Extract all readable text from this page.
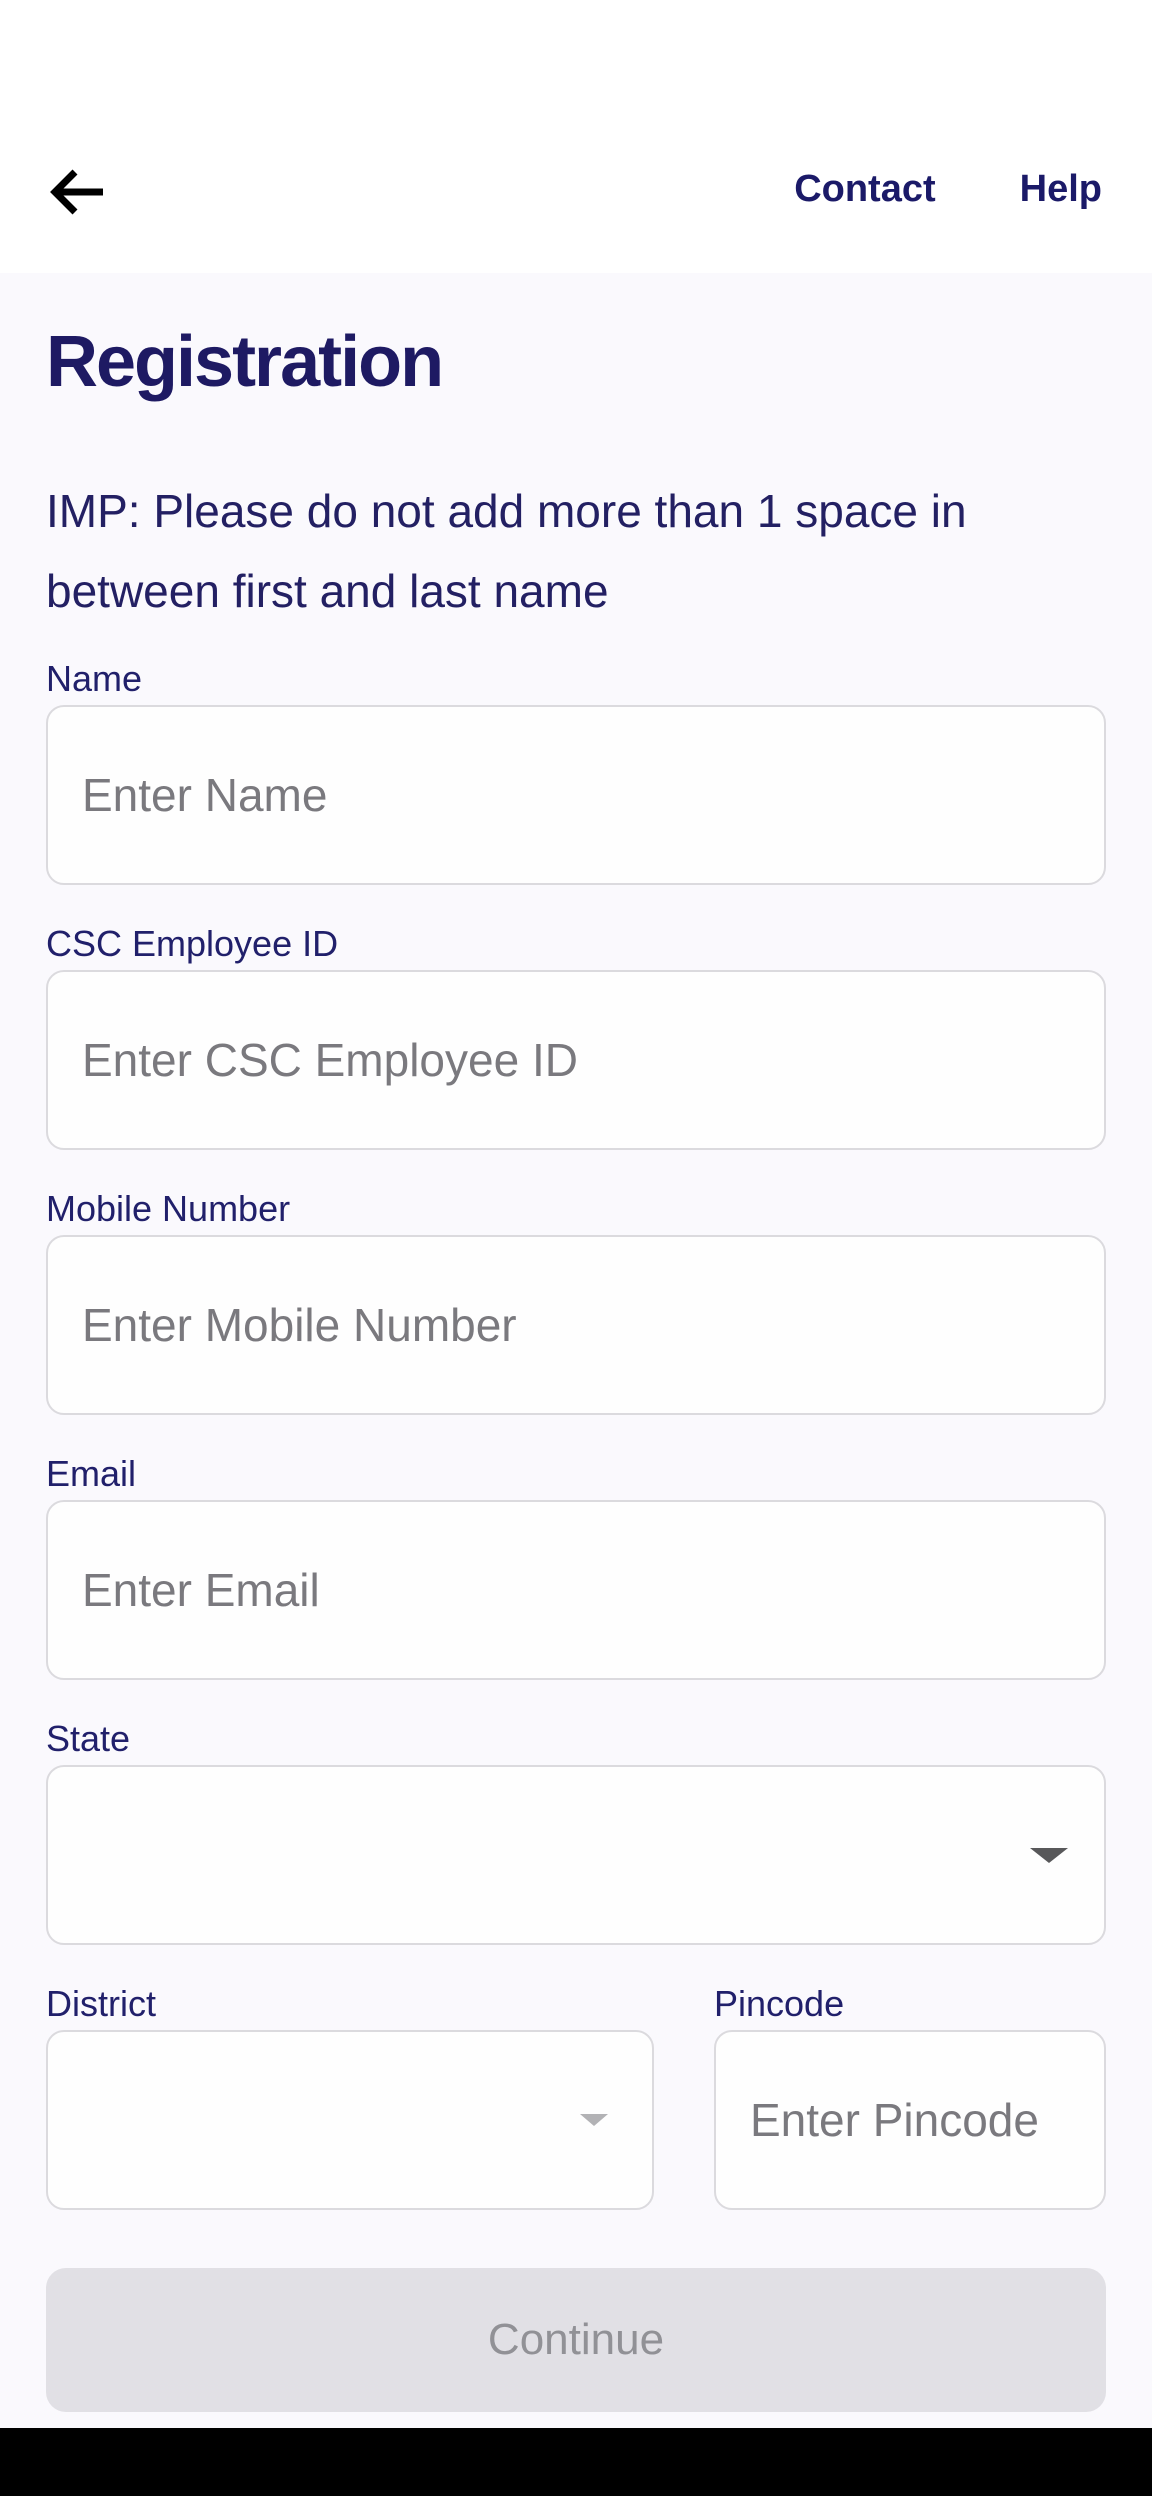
Contact Help
Registration
IMP: Please do not add more than 1 space in
between first and last name
Name
Enter Name
CSC Employee ID
Enter CSC Employee ID
Mobile Number
Enter Mobile Number
Email
Enter Email
State
District	Pincode
Enter Pincode
Continue
